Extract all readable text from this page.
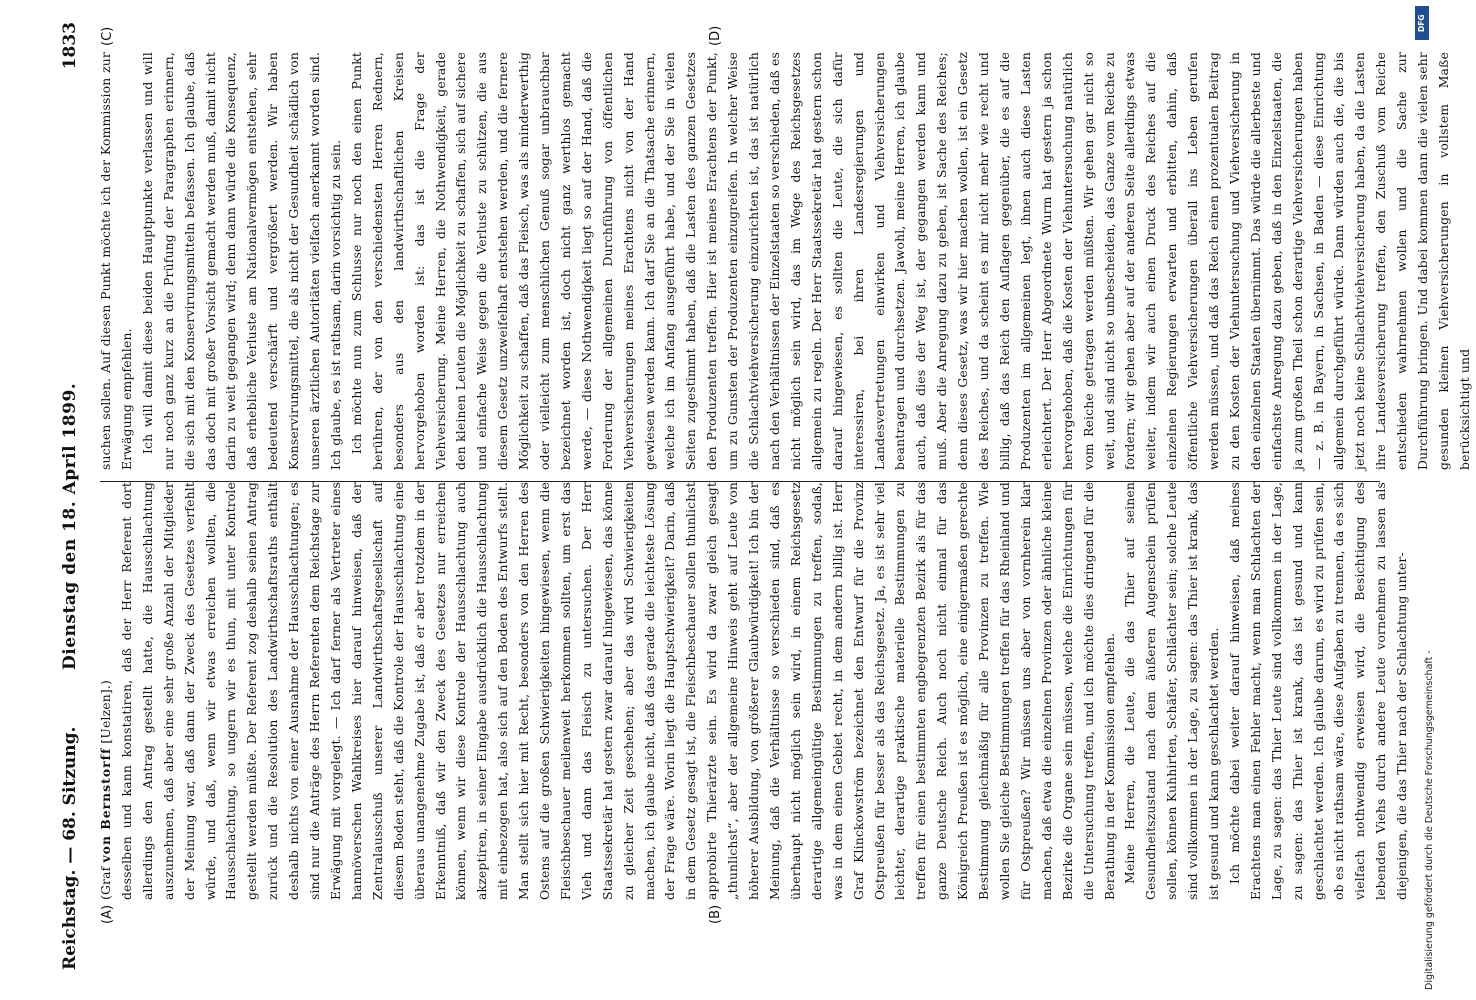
Reichstag. — 68. Sitzung.
Dienstag den 18. April 1899.
1833
(A)	(B)
(C)	(D)

(Graf von Bernstorff [Uelzen].) desselben und kann konstatiren, daß der Herr Referent dort allerdings den Antrag gestellt hatte, die Hausschlachtung auszunehmen, daß aber eine sehr große Anzahl der Mitglieder der Meinung war, daß dann der Zweck des Gesetzes verfehlt würde, und daß, wenn wir etwas erreichen wollten, die Hausschlachtung, so ungern wir es thun, mit unter Kontrole gestellt werden müßte. Der Referent zog deshalb seinen Antrag zurück und die Resolution des Landwirthschaftsraths enthält deshalb nichts von einer Ausnahme der Hausschlachtungen; es sind nur die Anträge des Herrn Referenten dem Reichstage zur Erwägung mit vorgelegt. — Ich darf ferner als Vertreter eines hannöverschen Wahlkreises hier darauf hinweisen, daß der Zentralausschuß unserer Landwirthschaftsgesellschaft auf diesem Boden steht, daß die Kontrole der Hausschlachtung eine überaus unangenehme Zugabe ist, daß er aber trotzdem in der Erkenntniß, daß wir den Zweck des Gesetzes nur erreichen können, wenn wir diese Kontrole der Hausschlachtung auch akzeptiren, in seiner Eingabe ausdrücklich die Hausschlachtung mit einbezogen hat, also sich auf den Boden des Entwurfs stellt. Man stellt sich hier mit Recht, besonders von den Herren des Ostens auf die großen Schwierigkeiten hingewiesen, wenn die Fleischbeschauer meilenweit herkommen sollten, um erst das Vieh und dann das Fleisch zu untersuchen. Der Herr Staatssekretär hat gestern zwar darauf hingewiesen, das könne zu gleicher Zeit geschehen; aber das wird Schwierigkeiten machen, ich glaube nicht, daß das gerade die leichteste Lösung der Frage wäre. Worin liegt die Hauptschwierigkeit? Darin, daß in dem Gesetz gesagt ist, die Fleischbeschauer sollen thunlichst approbirte Thierärzte sein. Es wird da zwar gleich gesagt „thunlichst“, aber der allgemeine Hinweis geht auf Leute von höherer Ausbildung, von größerer Glaubwürdigkeit! Ich bin der Meinung, daß die Verhältnisse so verschieden sind, daß es überhaupt nicht möglich sein wird, in einem Reichsgesetz derartige allgemeingültige Bestimmungen zu treffen, sodaß, was in dem einen Gebiet recht, in dem andern billig ist. Herr Graf Klinckowström bezeichnet den Entwurf für die Provinz Ostpreußen für besser als das Reichsgesetz. Ja, es ist sehr viel leichter, derartige praktische materielle Bestimmungen zu treffen für einen bestimmten engbegrenzten Bezirk als für das ganze Deutsche Reich. Auch noch nicht einmal für das Königreich Preußen ist es möglich, eine einigermaßen gerechte Bestimmung gleichmäßig für alle Provinzen zu treffen. Wie wollen Sie gleiche Bestimmungen treffen für das Rheinland und für Ostpreußen? Wir müssen uns aber von vornherein klar machen, daß etwa die einzelnen Provinzen oder ähnliche kleine Bezirke die Organe sein müssen, welche die Einrichtungen für die Untersuchung treffen, und ich möchte dies dringend für die Berathung in der Kommission empfehlen. Meine Herren, die Leute, die das Thier auf seinen Gesundheitszustand nach dem äußeren Augenschein prüfen sollen, können Kuhhirten, Schäfer, Schlächter sein; solche Leute sind vollkommen in der Lage, zu sagen: das Thier ist krank, das ist gesund und kann geschlachtet werden. Ich möchte dabei weiter darauf hinweisen, daß meines Erachtens man einen Fehler macht, wenn man Schlachten der Lage, zu sagen: das Thier Leute sind vollkommen in der Lage, zu sagen: das Thier ist krank, das ist gesund und kann geschlachtet werden. Ich glaube darum, es wird zu prüfen sein, ob es nicht rathsam wäre, diese Aufgaben zu trennen, da es sich vielfach nothwendig erweisen wird, die Besichtigung des lebenden Viehs durch andere Leute vornehmen zu lassen als diejenigen, die das Thier nach der Schlachtung unter-

suchen sollen. Auf diesen Punkt möchte ich der Kommission zur Erwägung empfehlen. Ich will damit diese beiden Hauptpunkte verlassen und will nur noch ganz kurz an die Prüfung der Paragraphen erinnern, die sich mit den Konservirungsmitteln befassen. Ich glaube, daß das doch mit großer Vorsicht gemacht werden muß, damit nicht darin zu weit gegangen wird; denn dann würde die Konsequenz, daß erhebliche Verluste am Nationalvermögen entstehen, sehr bedeutend verschärft und vergrößert werden. Wir haben Konservirungsmittel, die als nicht der Gesundheit schädlich von unseren ärztlichen Autoritäten vielfach anerkannt worden sind. Ich glaube, es ist rathsam, darin vorsichtig zu sein. Ich möchte nun zum Schlusse nur noch den einen Punkt berühren, der von den verschiedensten Herren Rednern, besonders aus den landwirthschaftlichen Kreisen hervorgehoben worden ist: das ist die Frage der Viehversicherung. Meine Herren, die Nothwendigkeit, gerade den kleinen Leuten die Möglichkeit zu schaffen, sich auf sichere und einfache Weise gegen die Verluste zu schützen, die aus diesem Gesetz unzweifelhaft entstehen werden, und die fernere Möglichkeit zu schaffen, daß das Fleisch, was als minderwerthig oder vielleicht zum menschlichen Genuß sogar unbrauchbar bezeichnet worden ist, doch nicht ganz werthlos gemacht werde, — diese Nothwendigkeit liegt so auf der Hand, daß die Forderung der allgemeinen Durchführung von öffentlichen Viehversicherungen meines Erachtens nicht von der Hand gewiesen werden kann. Ich darf Sie an die Thatsache erinnern, welche ich im Anfang ausgeführt habe, und der Sie in vielen Seiten zugestimmt haben, daß die Lasten des ganzen Gesetzes den Produzenten treffen. Hier ist meines Erachtens der Punkt, um zu Gunsten der Produzenten einzugreifen. In welcher Weise die Schlachtviehversicherung einzurichten ist, das ist natürlich nach den Verhältnissen der Einzelstaaten so verschieden, daß es nicht möglich sein wird, das im Wege des Reichsgesetzes allgemein zu regeln. Der Herr Staatssekretär hat gestern schon darauf hingewiesen, es sollten die Leute, die sich dafür interessiren, bei ihren Landesregierungen und Landesvertretungen einwirken und Viehversicherungen beantragen und durchsetzen. Jawohl, meine Herren, ich glaube auch, daß dies der Weg ist, der gegangen werden kann und muß. Aber die Anregung dazu zu geben, ist Sache des Reiches; denn dieses Gesetz, was wir hier machen wollen, ist ein Gesetz des Reiches, und da scheint es mir nicht mehr wie recht und billig, daß das Reich den Auflagen gegenüber, die es auf die Produzenten im allgemeinen legt, ihnen auch diese Lasten erleichtert. Der Herr Abgeordnete Wurm hat gestern ja schon hervorgehoben, daß die Kosten der Viehuntersuchung natürlich vom Reiche getragen werden müßten. Wir gehen gar nicht so weit, und sind nicht so unbescheiden, das Ganze vom Reiche zu fordern; wir gehen aber auf der anderen Seite allerdings etwas weiter, indem wir auch einen Druck des Reiches auf die einzelnen Regierungen erwarten und erbitten, dahin, daß öffentliche Viehversicherungen überall ins Leben gerufen werden müssen, und daß das Reich einen prozentualen Beitrag zu den Kosten der Viehuntersuchung und Viehversicherung in den einzelnen Staaten übernimmt. Das würde die allerbeste und einfachste Anregung dazu geben, daß in den Einzelstaaten, die ja zum großen Theil schon derartige Viehversicherungen haben — z. B. in Bayern, in Sachsen, in Baden — diese Einrichtung allgemein durchgeführt würde. Dann würden auch die, die bis jetzt noch keine Schlachtviehversicherung haben, da die Lasten ihre Landesversicherung treffen, den Zuschuß vom Reiche entschieden wahrnehmen wollen und die Sache zur Durchführung bringen. Und dabei kommen dann die vielen sehr gesunden kleinen Viehversicherungen in vollstem Maße berücksichtigt und

Digitalisierung gefördert durch die Deutsche Forschungsgemeinschaft -
DFG
